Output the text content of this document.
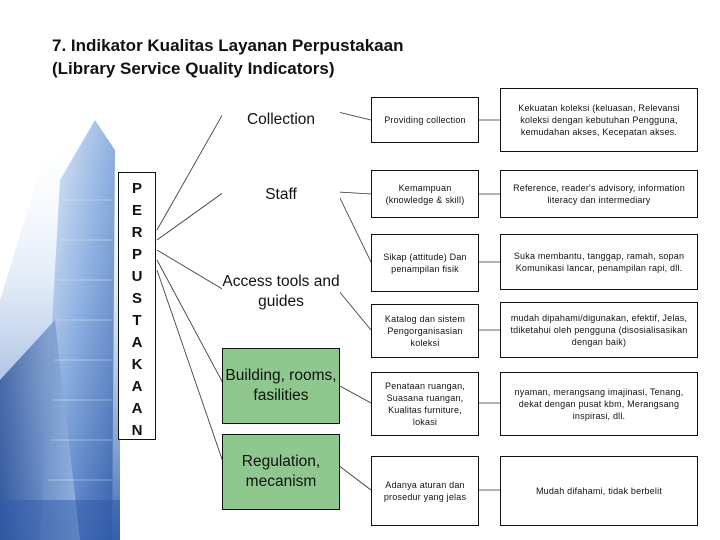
7. Indikator Kualitas Layanan Perpustakaan
(Library Service Quality Indicators)
P
E
R
P
U
S
T
A
K
A
A
N
Collection
Staff
Access tools and guides
Building, rooms, fasilities
Regulation, mecanism
Providing collection
Kemampuan (knowledge & skill)
Sikap (attitude) Dan penampilan fisik
Katalog dan sistem Pengorganisasian koleksi
Penataan ruangan, Suasana ruangan, Kualitas furniture, lokasi
Adanya aturan dan prosedur yang jelas
Kekuatan koleksi (keluasan, Relevansi koleksi dengan kebutuhan Pengguna, kemudahan akses, Kecepatan akses.
Reference, reader's advisory, information literacy dan intermediary
Suka membantu, tanggap, ramah, sopan Komunikasi lancar, penampilan rapi, dll.
mudah dipahami/digunakan, efektif, Jelas, tdiketahui oleh pengguna (disosialisasikan dengan baik)
nyaman, merangsang imajinasi, Tenang, dekat dengan pusat kbm, Merangsang inspirasi, dll.
Mudah difahami, tidak berbelit
